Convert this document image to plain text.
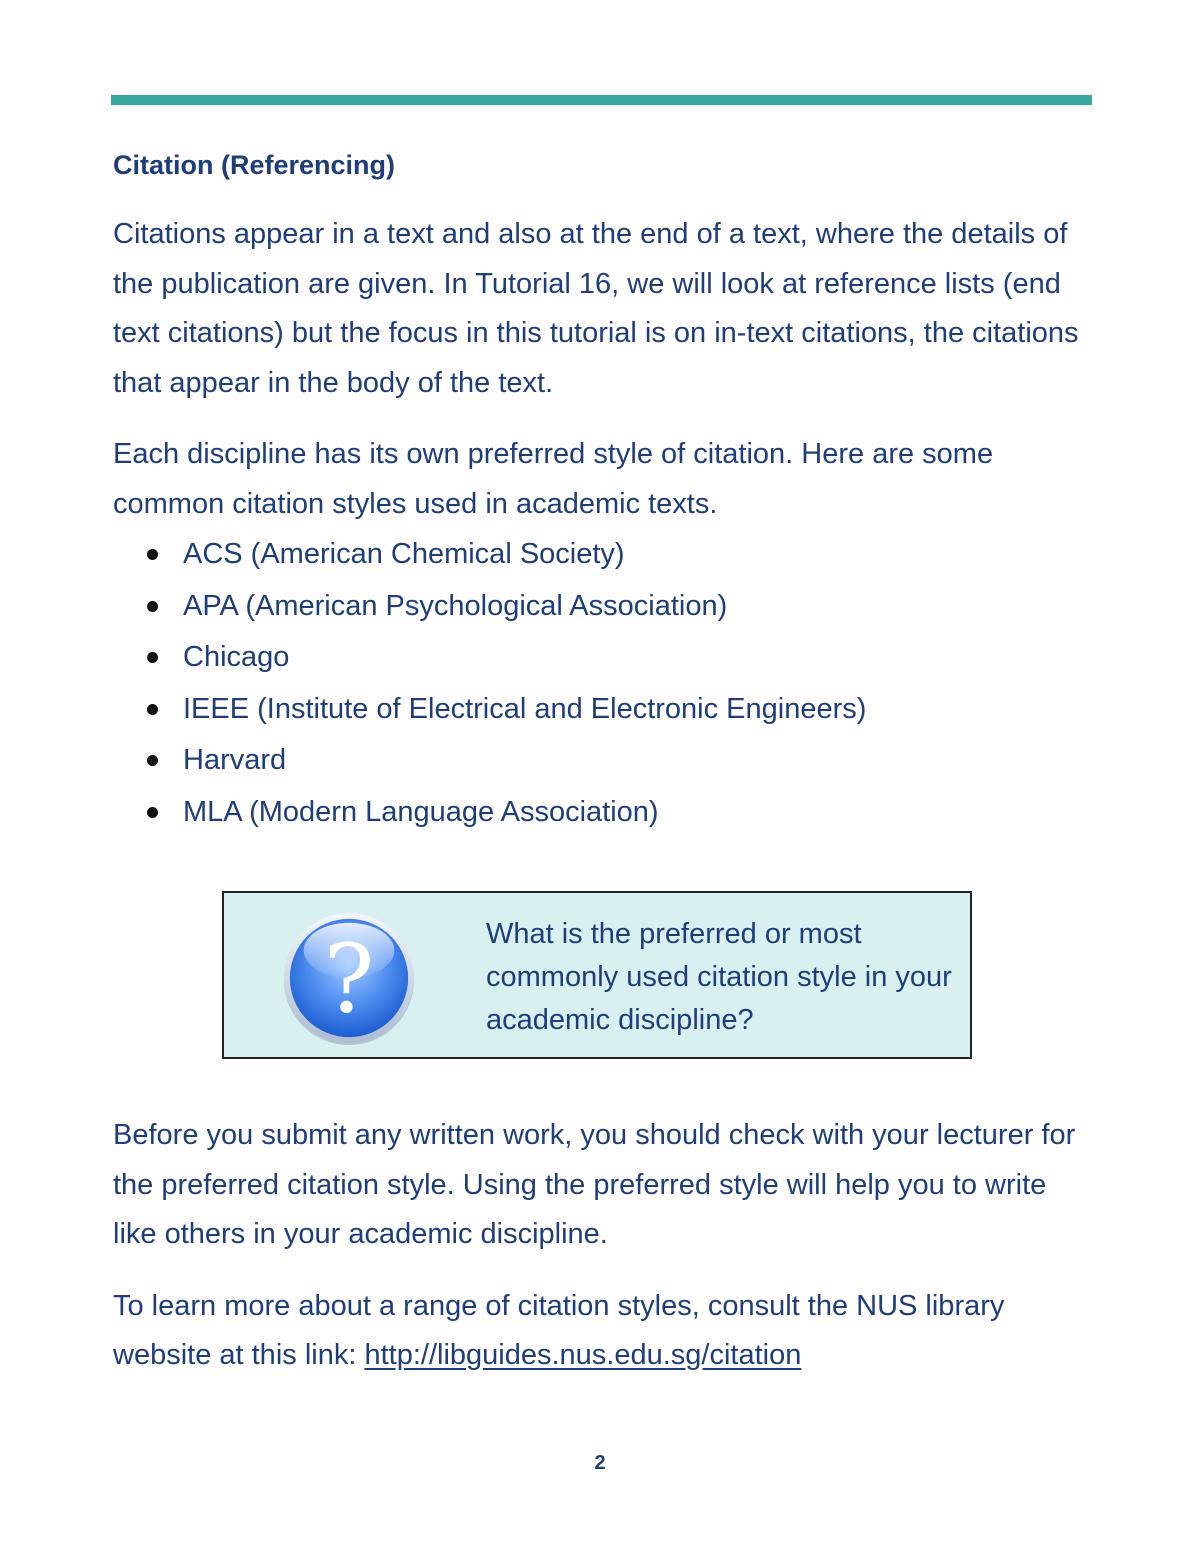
Citation (Referencing)

Citations appear in a text and also at the end of a text, where the details of the publication are given. In Tutorial 16, we will look at reference lists (end text citations) but the focus in this tutorial is on in-text citations, the citations that appear in the body of the text.

Each discipline has its own preferred style of citation. Here are some common citation styles used in academic texts.

ACS (American Chemical Society)
APA (American Psychological Association)
Chicago
IEEE (Institute of Electrical and Electronic Engineers)
Harvard
MLA (Modern Language Association)
?	What is the preferred or most commonly used citation style in your academic discipline?

Before you submit any written work, you should check with your lecturer for the preferred citation style. Using the preferred style will help you to write like others in your academic discipline.

To learn more about a range of citation styles, consult the NUS library website at this link: http://libguides.nus.edu.sg/citation

2
